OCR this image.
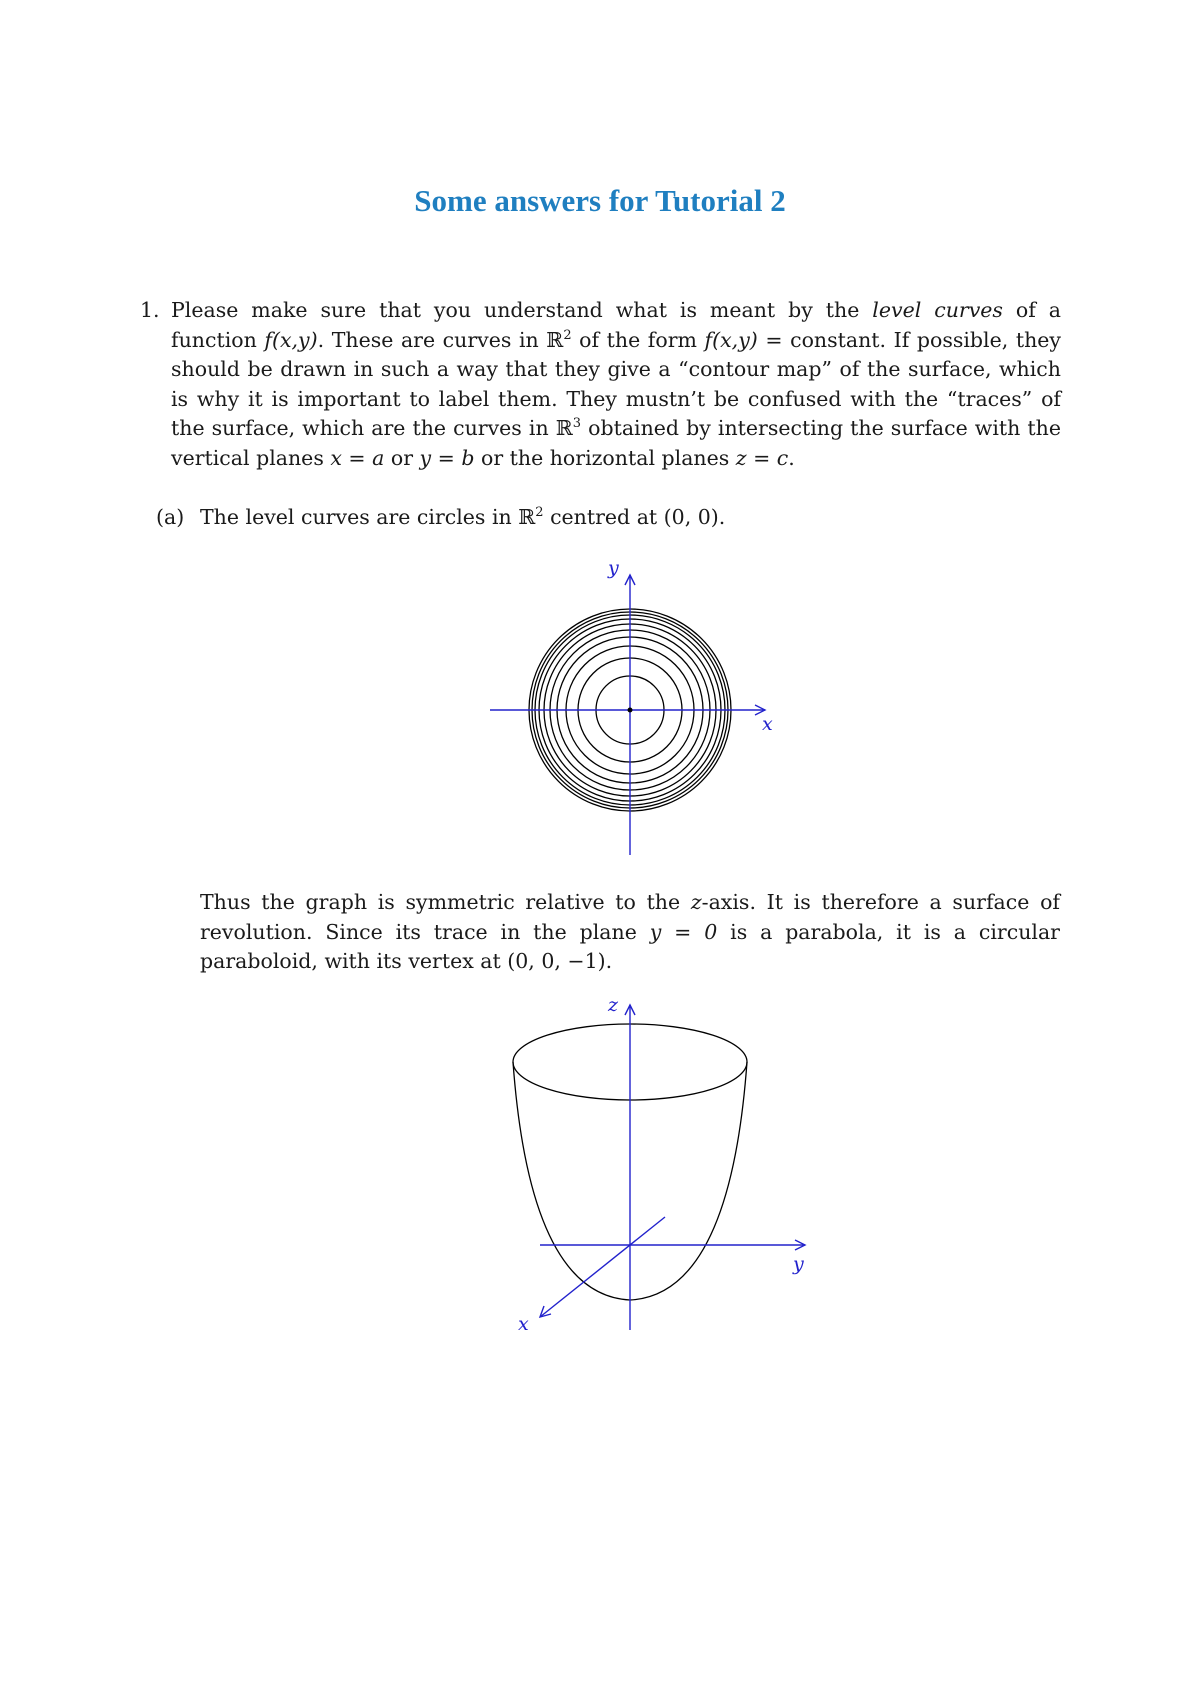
Some answers for Tutorial 2
1. Please make sure that you understand what is meant by the level curves of a function f(x,y). These are curves in ℝ$^2$ of the form f(x,y) = constant. If possible, they should be drawn in such a way that they give a “contour map” of the surface, which is why it is important to label them. They mustn’t be confused with the “traces” of the surface, which are the curves in ℝ$^3$ obtained by intersecting the surface with the vertical planes x = a or y = b or the horizontal planes z = c.
(a) The level curves are circles in ℝ$^2$ centred at (0, 0).
x
y
Thus the graph is symmetric relative to the z-axis. It is therefore a surface of revolution. Since its trace in the plane y = 0 is a parabola, it is a circular paraboloid, with its vertex at (0, 0, −1).
z
y
x
